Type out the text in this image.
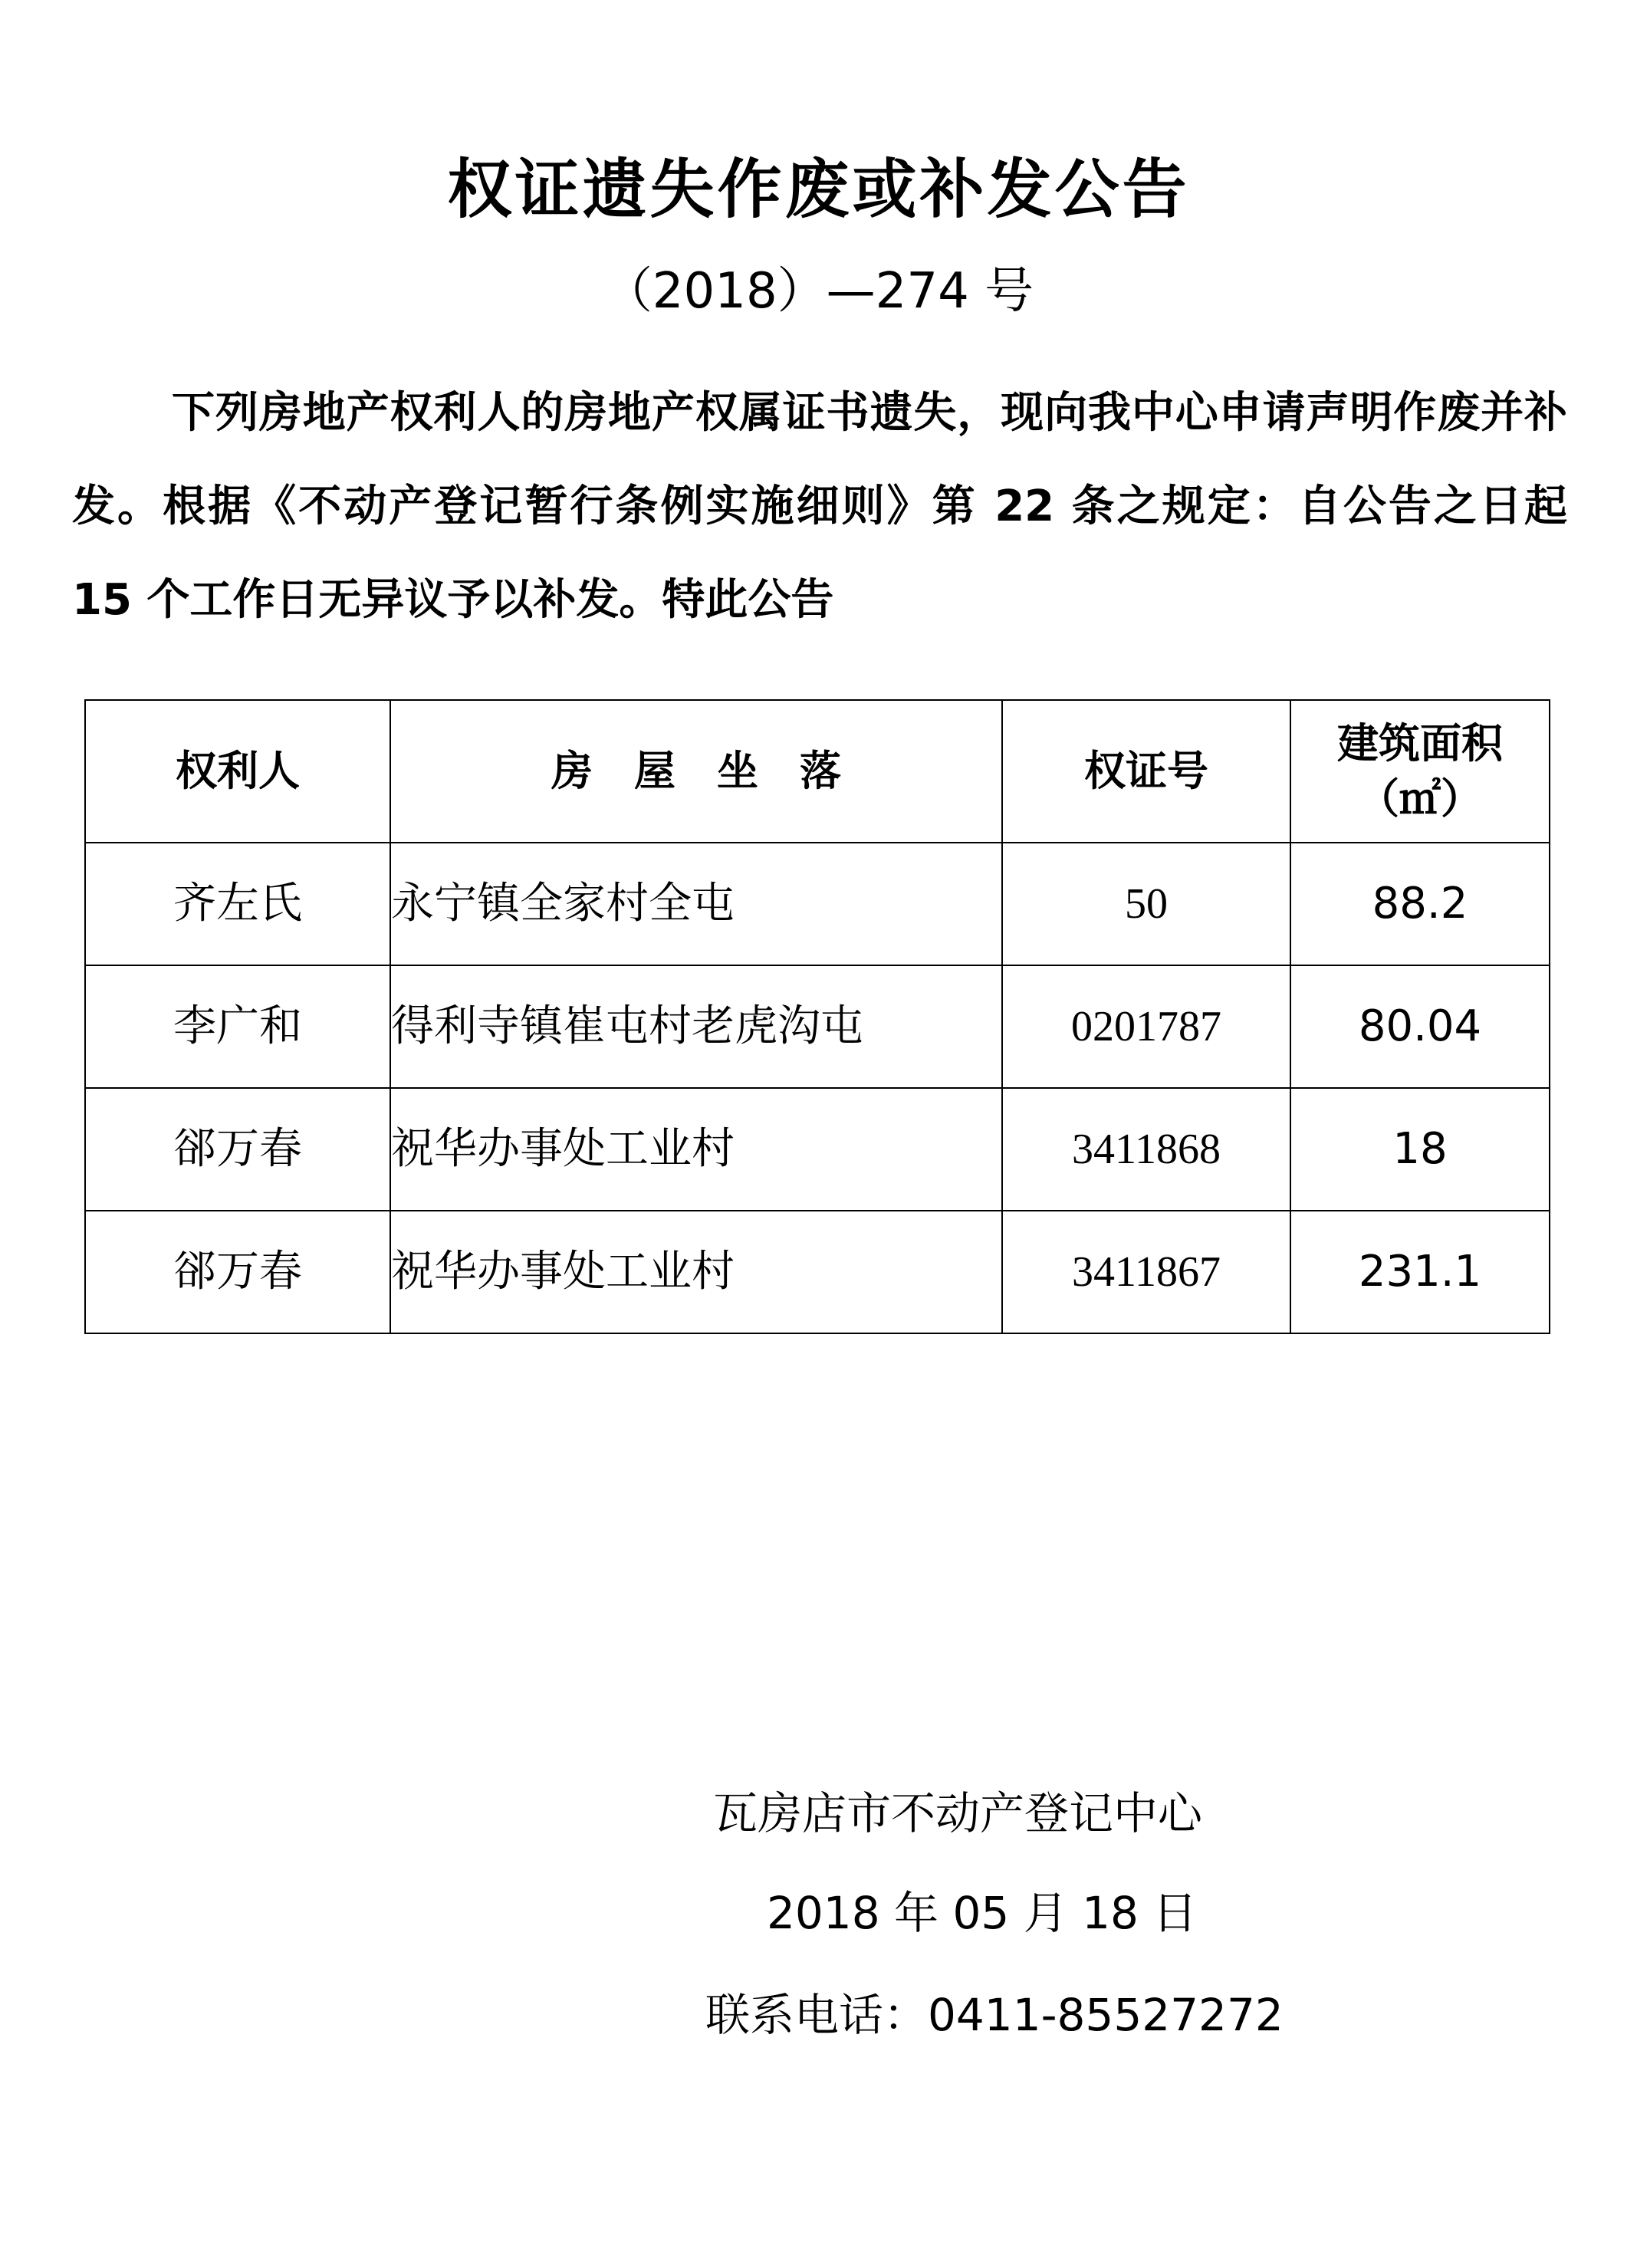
权证遗失作废或补发公告
（2018）—274 号

下列房地产权利人的房地产权属证书遗失，现向我中心申请声明作废并补发。根据《不动产登记暂行条例实施细则》第 22 条之规定：自公告之日起 15 个工作日无异议予以补发。特此公告

权利人	房　屋　坐　落	权证号	建筑面积
（㎡）

齐左氏	永宁镇全家村全屯	50	88.2
李广和	得利寺镇崔屯村老虎沟屯	0201787	80.04
郤万春	祝华办事处工业村	3411868	18
郤万春	祝华办事处工业村	3411867	231.1
瓦房店市不动产登记中心
2018 年 05 月 18 日
联系电话：0411-85527272
